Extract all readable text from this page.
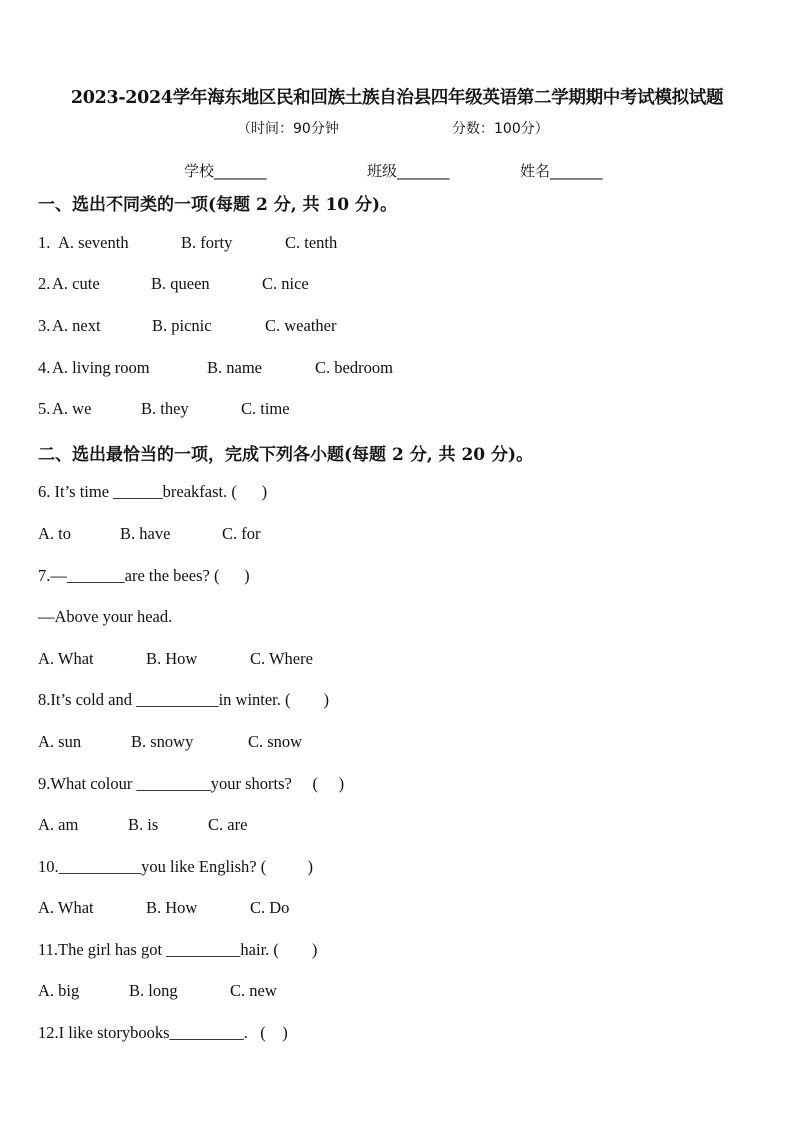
2023-2024学年海东地区民和回族土族自治县四年级英语第二学期期中考试模拟试题
（时间：90分钟	分数：100分）
学校_______	班级_______	姓名_______
一、选出不同类的一项(每题 2 分, 共 10 分)。
1. A. seventh	B. forty	C. tenth
2. A. cute	B. queen	C. nice
3. A. next	B. picnic	C. weather
4. A. living room	B. name	C. bedroom
5. A. we	B. they	C. time
二、选出最恰当的一项，完成下列各小题(每题 2 分, 共 20 分)。
6. It’s time ______breakfast. (      )
A. to	B. have	C. for
7.—_______are the bees? (      )
—Above your head.
A. What	B. How	C. Where
8.It’s cold and __________in winter. (        )
A. sun	B. snowy	C. snow
9.What colour _________your shorts?     (     )
A. am	B. is	C. are
10.__________you like English? (          )
A. What	B. How	C. Do
11.The girl has got _________hair. (        )
A. big	B. long	C. new
12.I like storybooks_________.   (    )
